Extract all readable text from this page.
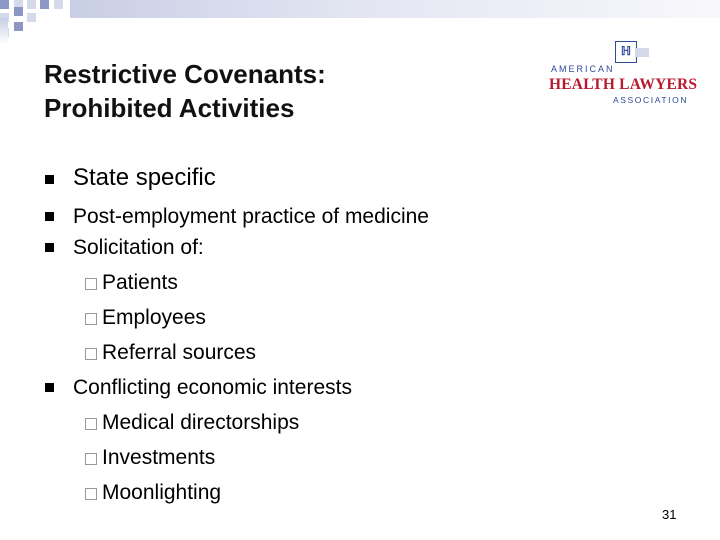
Restrictive Covenants:
Prohibited Activities
ℍ

AMERICAN

HEALTH LAWYERS

ASSOCIATION

State specific

Post-employment practice of medicine

Solicitation of:

Patients

Employees

Referral sources

Conflicting economic interests

Medical directorships

Investments

Moonlighting

31
